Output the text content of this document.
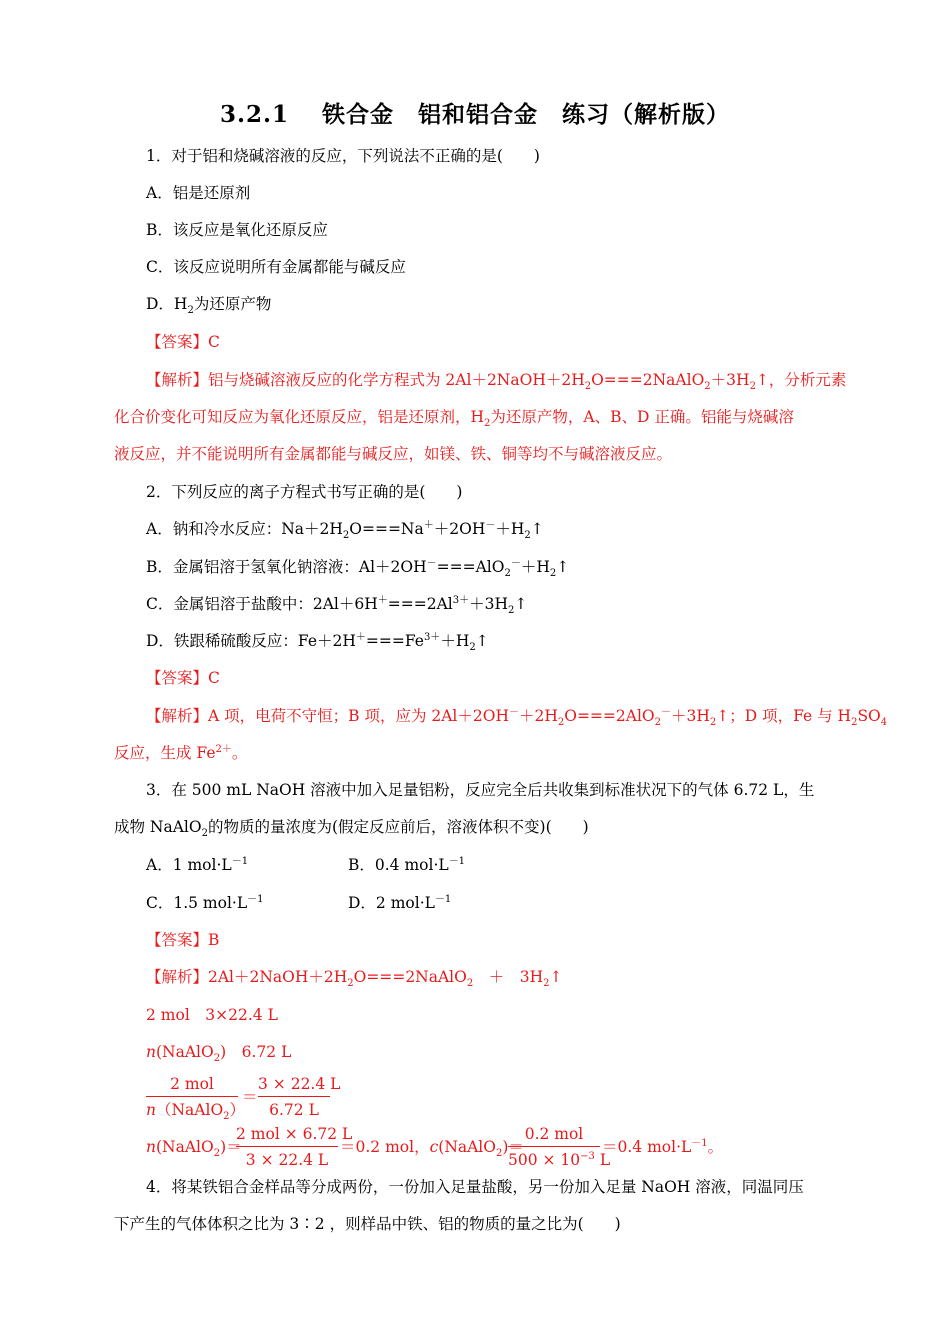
3.2.1　 铁合金　铝和铝合金　练习（解析版）
1．对于铝和烧碱溶液的反应，下列说法不正确的是(　　)
A．铝是还原剂
B．该反应是氧化还原反应
C．该反应说明所有金属都能与碱反应
D．$H_2$为还原产物
【答案】C
【解析】铝与烧碱溶液反应的化学方程式为 $2Al+2NaOH+2H_2O===2NaAlO_2+3H_2↑$，分析元素
化合价变化可知反应为氧化还原反应，铝是还原剂，$H_2$为还原产物，A、B、D 正确。铝能与烧碱溶
液反应，并不能说明所有金属都能与碱反应，如镁、铁、铜等均不与碱溶液反应。
2．下列反应的离子方程式书写正确的是(　　)
A．钠和冷水反应：$Na+2H_2O===Na^++2OH^-+H_2↑$
B．金属铝溶于氢氧化钠溶液：$Al+2OH^-===AlO_2^-+H_2↑$
C．金属铝溶于盐酸中：$2Al+6H^+===2Al^{3+}+3H_2↑$
D．铁跟稀硫酸反应：$Fe+2H^+===Fe^{3+}+H_2↑$
【答案】C
【解析】A 项，电荷不守恒；B 项，应为 $2Al+2OH^-+2H_2O===2AlO_2^-+3H_2↑$；D 项，Fe 与 $H_2SO_4$
反应，生成 $Fe^{2+}$。
3．在 500 mL NaOH 溶液中加入足量铝粉，反应完全后共收集到标准状况下的气体 6.72 L，生
成物 NaAlO$_2$的物质的量浓度为(假定反应前后，溶液体积不变)(　　)
A．1 $mol\cdot L^{-1}$	B．0.4 $mol\cdot L^{-1}$
C．1.5 $mol\cdot L^{-1}$	D．2 $mol\cdot L^{-1}$
【答案】B
【解析】$2Al+2NaOH+2H_2O===2NaAlO_2$　＋　$3H_2↑$
2 mol　3×22.4 L
n(NaAlO$_2$)　6.72 L
2 mol
n（NaAlO$_2$）
＝
3 × 22.4 L
6.72 L
n(NaAlO$_2$)＝
2 mol × 6.72 L
3 × 22.4 L
＝0.2 mol，c(NaAlO$_2$)＝
0.2 mol
$500 \times 10^{-3}$ L
＝0.4 $mol\cdot L^{-1}$。
4．将某铁铝合金样品等分成两份，一份加入足量盐酸，另一份加入足量 NaOH 溶液，同温同压
下产生的气体体积之比为 3∶2 ，则样品中铁、铝的物质的量之比为(　　)
